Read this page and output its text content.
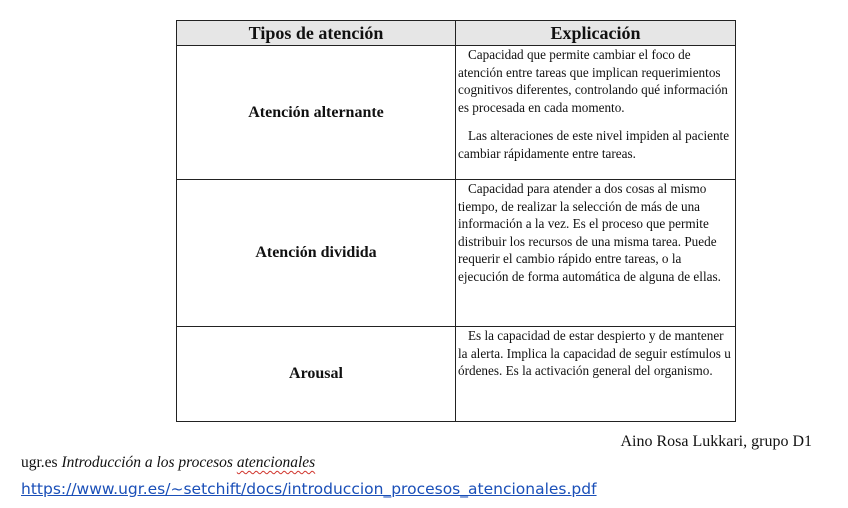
Tipos de atención	Explicación
Atención alternante	Capacidad que permite cambiar el foco de atención entre tareas que implican requerimientos cognitivos diferentes, controlando qué información es procesada en cada momento.

Las alteraciones de este nivel impiden al paciente cambiar rápidamente entre tareas.

Atención dividida	Capacidad para atender a dos cosas al mismo tiempo, de realizar la selección de más de una información a la vez. Es el proceso que permite distribuir los recursos de una misma tarea. Puede requerir el cambio rápido entre tareas, o la ejecución de forma automática de alguna de ellas.

Arousal	Es la capacidad de estar despierto y de mantener la alerta. Implica la capacidad de seguir estímulos u órdenes. Es la activación general del organismo.

Aino Rosa Lukkari, grupo D1
ugr.es Introducción a los procesos atencionales
https://www.ugr.es/~setchift/docs/introduccion_procesos_atencionales.pdf
